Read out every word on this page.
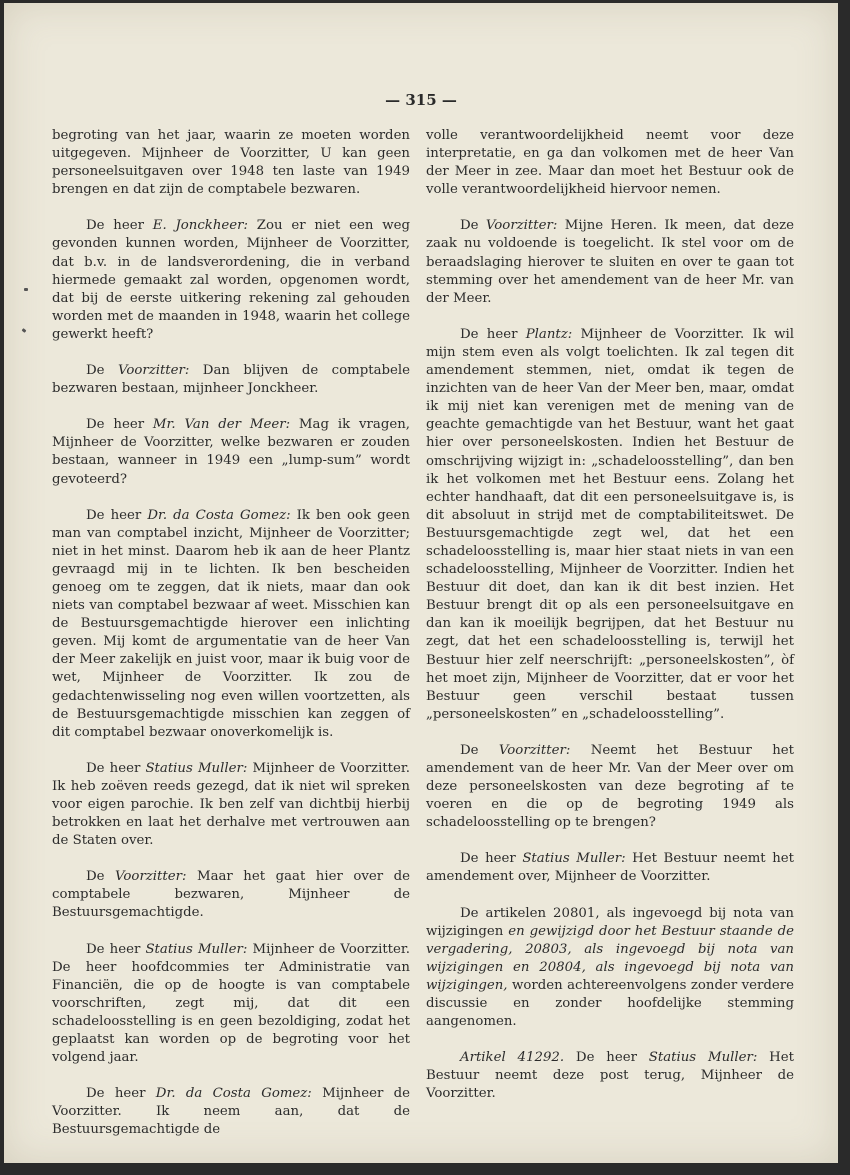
— 315 —

begroting van het jaar, waarin ze moeten worden uitgegeven. Mijnheer de Voorzitter, U kan geen personeelsuitgaven over 1948 ten laste van 1949 brengen en dat zijn de comptabele bezwaren.

De heer E. Jonckheer: Zou er niet een weg gevonden kunnen worden, Mijnheer de Voorzitter, dat b.v. in de landsverordening, die in verband hiermede gemaakt zal worden, opgenomen wordt, dat bij de eerste uitkering rekening zal gehouden worden met de maanden in 1948, waarin het college gewerkt heeft?

De Voorzitter: Dan blijven de comptabele bezwaren bestaan, mijnheer Jonckheer.

De heer Mr. Van der Meer: Mag ik vragen, Mijnheer de Voorzitter, welke bezwaren er zouden bestaan, wanneer in 1949 een „lump-sum” wordt gevoteerd?

De heer Dr. da Costa Gomez: Ik ben ook geen man van comptabel inzicht, Mijnheer de Voorzitter; niet in het minst. Daarom heb ik aan de heer Plantz gevraagd mij in te lichten. Ik ben bescheiden genoeg om te zeggen, dat ik niets, maar dan ook niets van comptabel bezwaar af weet. Misschien kan de Bestuursgemachtigde hierover een inlichting geven. Mij komt de argumentatie van de heer Van der Meer zakelijk en juist voor, maar ik buig voor de wet, Mijnheer de Voorzitter. Ik zou de gedachtenwisseling nog even willen voortzetten, als de Bestuursgemachtigde misschien kan zeggen of dit comptabel bezwaar onoverkomelijk is.

De heer Statius Muller: Mijnheer de Voorzitter. Ik heb zoëven reeds gezegd, dat ik niet wil spreken voor eigen parochie. Ik ben zelf van dichtbij hierbij betrokken en laat het derhalve met vertrouwen aan de Staten over.

De Voorzitter: Maar het gaat hier over de comptabele bezwaren, Mijnheer de Bestuursgemachtigde.

De heer Statius Muller: Mijnheer de Voorzitter. De heer hoofdcommies ter Administratie van Financiën, die op de hoogte is van comptabele voorschriften, zegt mij, dat dit een schadeloosstelling is en geen bezoldiging, zodat het geplaatst kan worden op de begroting voor het volgend jaar.

De heer Dr. da Costa Gomez: Mijnheer de Voorzitter. Ik neem aan, dat de Bestuursgemachtigde de

volle verantwoordelijkheid neemt voor deze interpretatie, en ga dan volkomen met de heer Van der Meer in zee. Maar dan moet het Bestuur ook de volle verantwoordelijkheid hiervoor nemen.

De Voorzitter: Mijne Heren. Ik meen, dat deze zaak nu voldoende is toegelicht. Ik stel voor om de beraadslaging hierover te sluiten en over te gaan tot stemming over het amendement van de heer Mr. van der Meer.

De heer Plantz: Mijnheer de Voorzitter. Ik wil mijn stem even als volgt toelichten. Ik zal tegen dit amendement stemmen, niet, omdat ik tegen de inzichten van de heer Van der Meer ben, maar, omdat ik mij niet kan verenigen met de mening van de geachte gemachtigde van het Bestuur, want het gaat hier over personeelskosten. Indien het Bestuur de omschrijving wijzigt in: „schadeloosstelling”, dan ben ik het volkomen met het Bestuur eens. Zolang het echter handhaaft, dat dit een personeelsuitgave is, is dit absoluut in strijd met de comptabiliteitswet. De Bestuursgemachtigde zegt wel, dat het een schadeloosstelling is, maar hier staat niets in van een schadeloosstelling, Mijnheer de Voorzitter. Indien het Bestuur dit doet, dan kan ik dit best inzien. Het Bestuur brengt dit op als een personeelsuitgave en dan kan ik moeilijk begrijpen, dat het Bestuur nu zegt, dat het een schadeloosstelling is, terwijl het Bestuur hier zelf neerschrijft: „personeelskosten”, òf het moet zijn, Mijnheer de Voorzitter, dat er voor het Bestuur geen verschil bestaat tussen „personeelskosten” en „schadeloosstelling”.

De Voorzitter: Neemt het Bestuur het amendement van de heer Mr. Van der Meer over om deze personeelskosten van deze begroting af te voeren en die op de begroting 1949 als schadeloosstelling op te brengen?

De heer Statius Muller: Het Bestuur neemt het amendement over, Mijnheer de Voorzitter.

De artikelen 20801, als ingevoegd bij nota van wijzigingen en gewijzigd door het Bestuur staande de vergadering, 20803, als ingevoegd bij nota van wijzigingen en 20804, als ingevoegd bij nota van wijzigingen, worden achtereenvolgens zonder verdere discussie en zonder hoofdelijke stemming aangenomen.

Artikel 41292. De heer Statius Muller: Het Bestuur neemt deze post terug, Mijnheer de Voorzitter.
